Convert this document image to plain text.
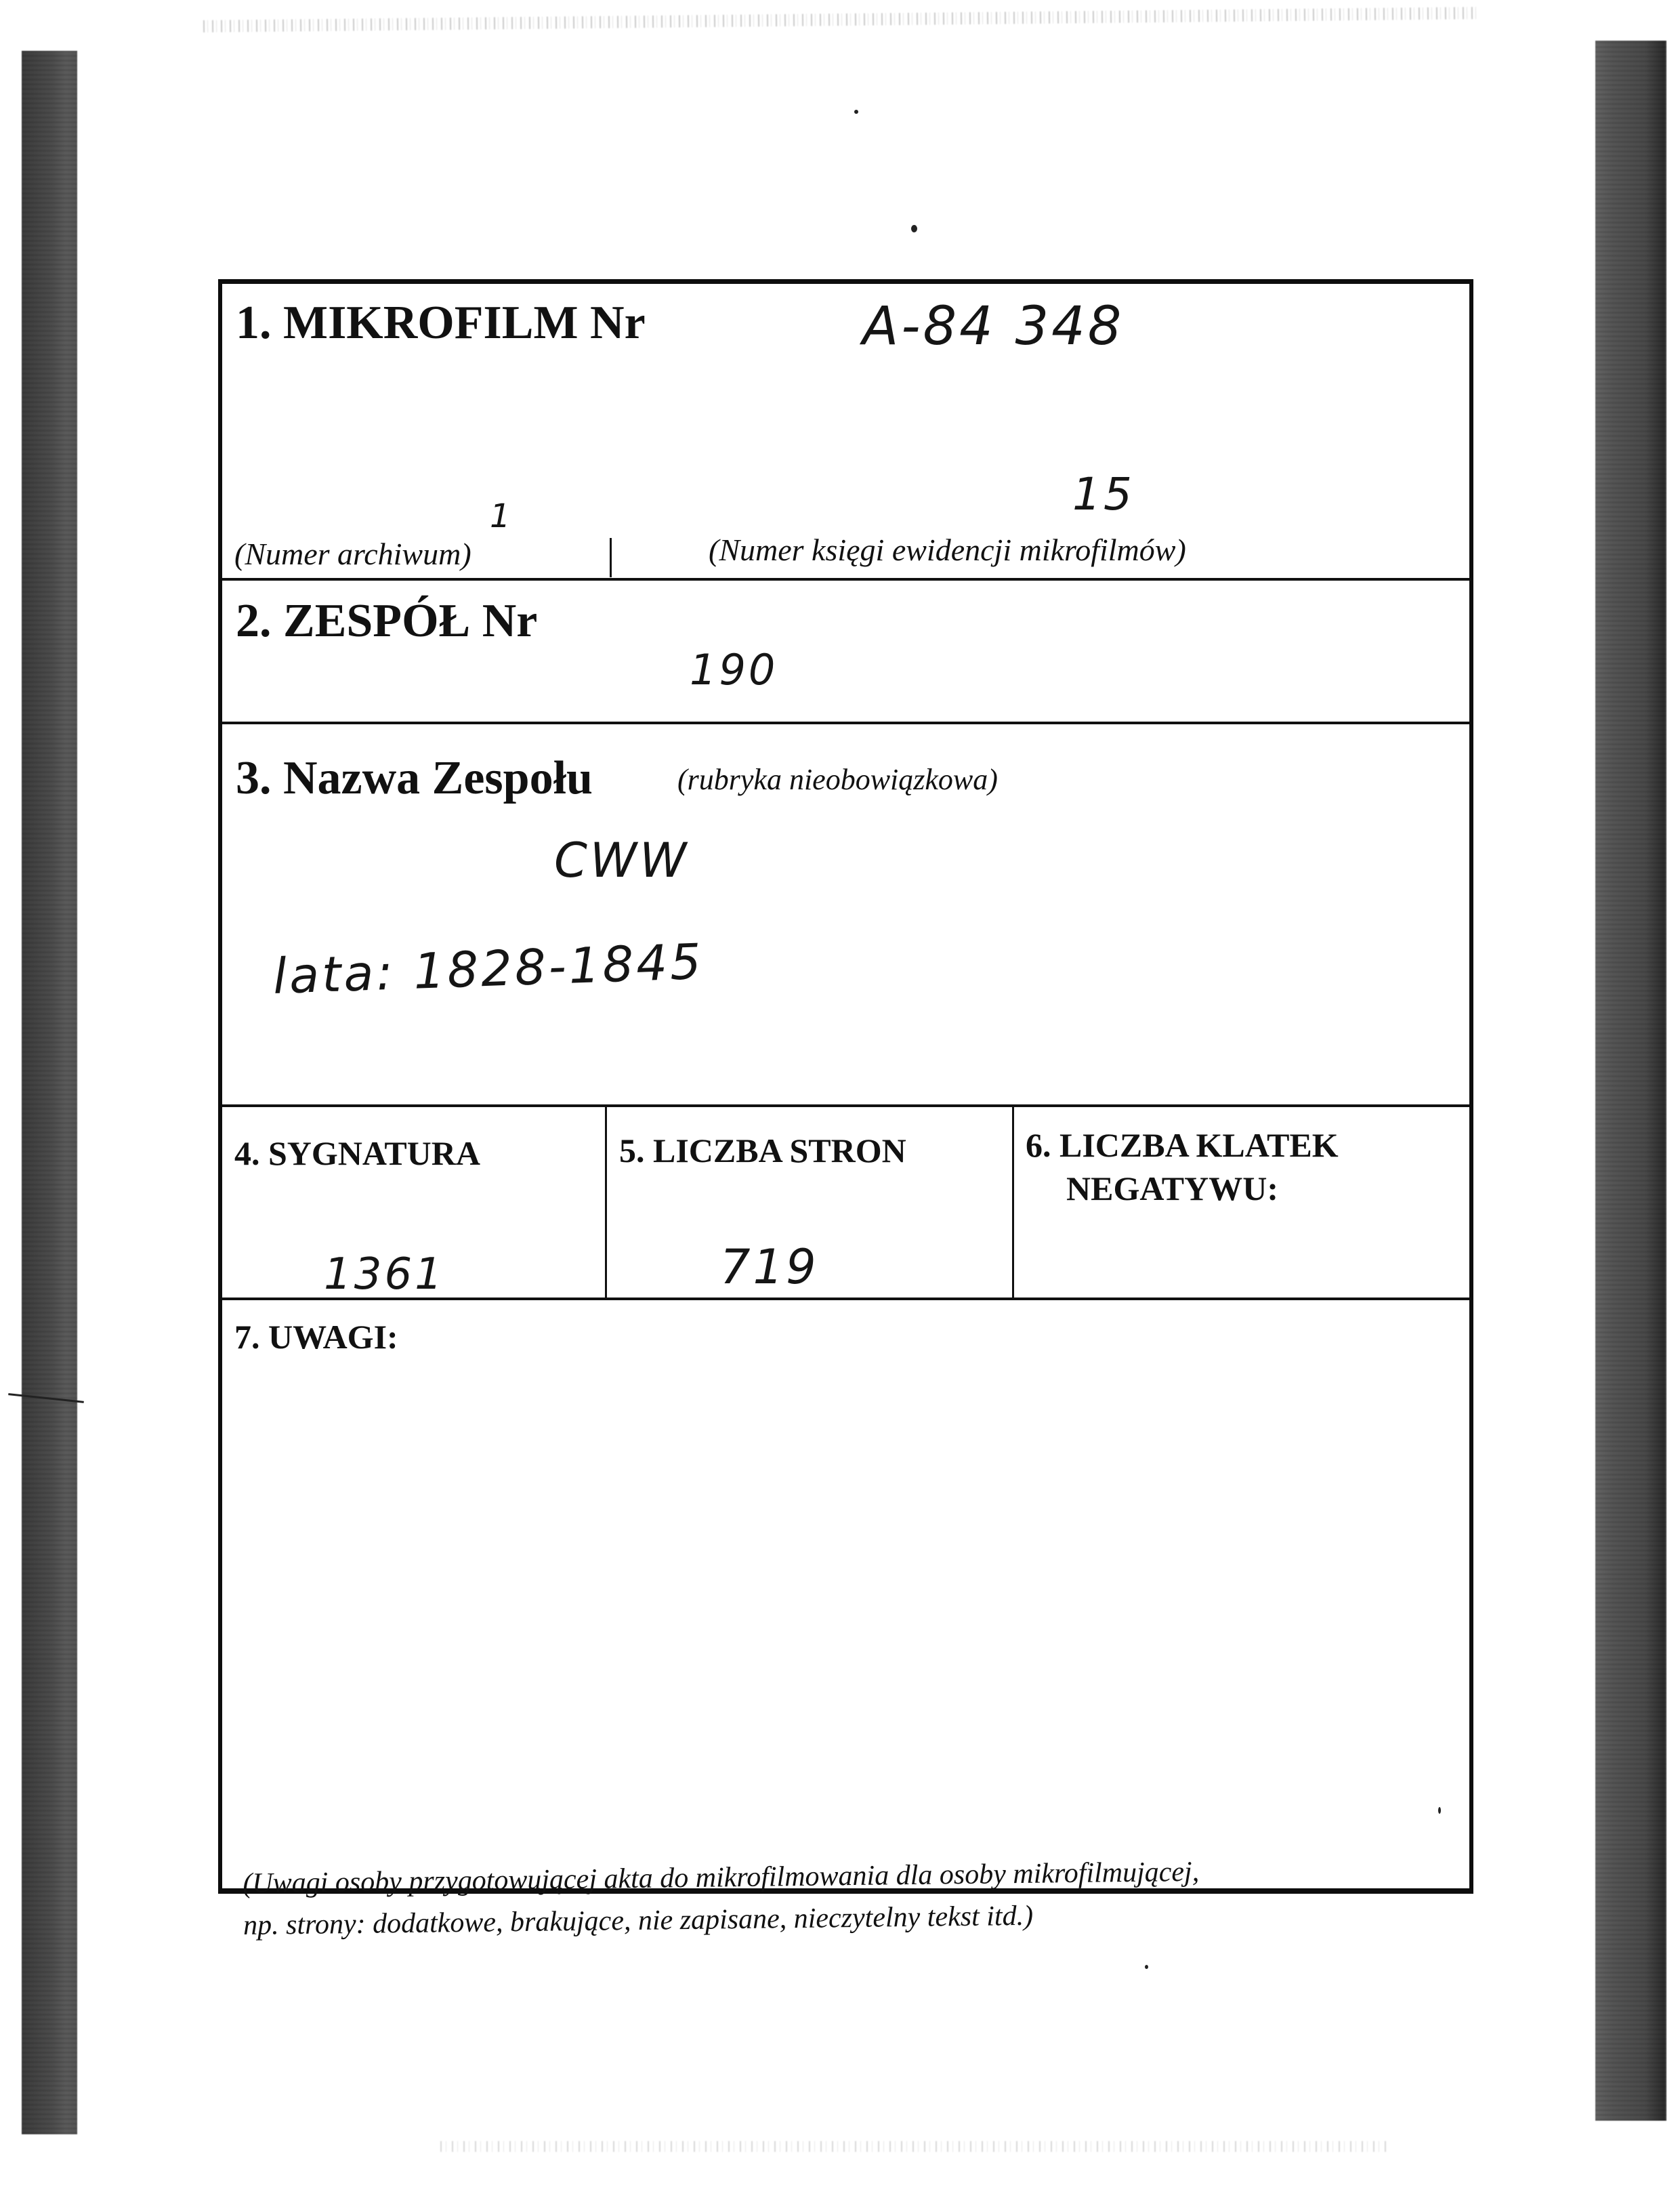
1. MIKROFILM Nr	A-84 348
1	15
(Numer archiwum)	(Numer księgi ewidencji mikrofilmów)
2. ZESPÓŁ Nr
190
3. Nazwa Zespołu	(rubryka nieobowiązkowa)
CWW
lata: 1828-1845
4. SYGNATURA
1361
5. LICZBA STRON
719
6. LICZBA KLATEK
NEGATYWU:
7. UWAGI:
(Uwagi osoby przygotowującej akta do mikrofilmowania dla osoby mikrofilmującej,
np. strony: dodatkowe, brakujące, nie zapisane, nieczytelny tekst itd.)
